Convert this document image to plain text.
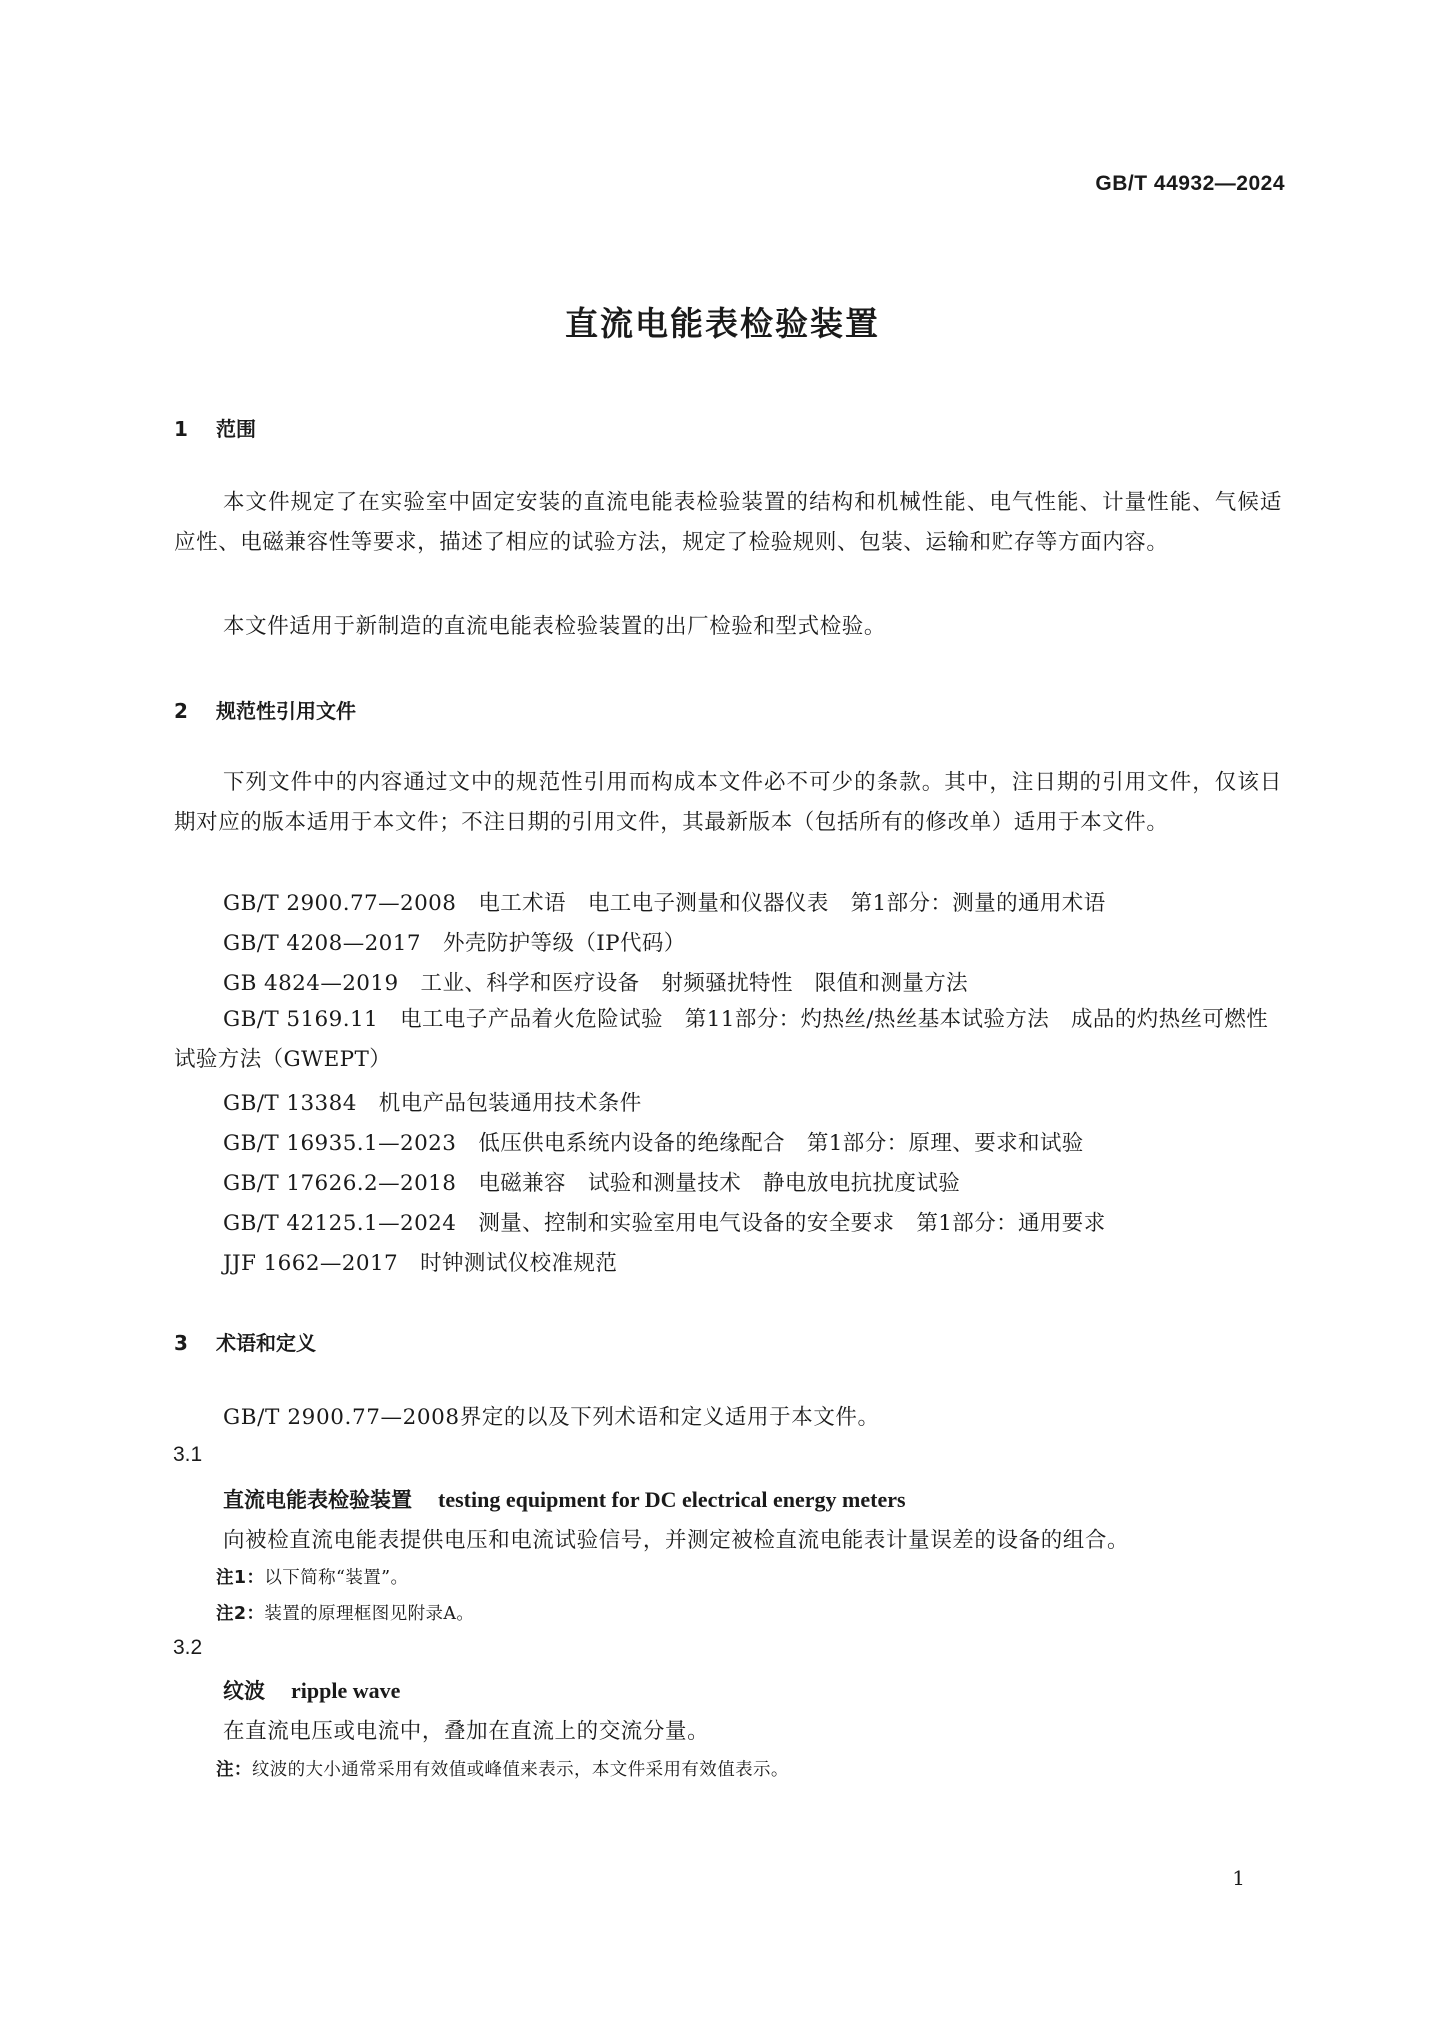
GB/T 44932—2024
直流电能表检验装置
1 范围
本文件规定了在实验室中固定安装的直流电能表检验装置的结构和机械性能、电气性能、计量性能、气候适应性、电磁兼容性等要求，描述了相应的试验方法，规定了检验规则、包装、运输和贮存等方面内容。
本文件适用于新制造的直流电能表检验装置的出厂检验和型式检验。
2 规范性引用文件
下列文件中的内容通过文中的规范性引用而构成本文件必不可少的条款。其中，注日期的引用文件，仅该日期对应的版本适用于本文件；不注日期的引用文件，其最新版本（包括所有的修改单）适用于本文件。
GB/T 2900.77—2008 电工术语　电工电子测量和仪器仪表　第1部分：测量的通用术语
GB/T 4208—2017 外壳防护等级（IP代码）
GB 4824—2019 工业、科学和医疗设备　射频骚扰特性　限值和测量方法
GB/T 5169.11 电工电子产品着火危险试验　第11部分：灼热丝/热丝基本试验方法　成品的灼热丝可燃性试验方法（GWEPT）
GB/T 13384 机电产品包装通用技术条件
GB/T 16935.1—2023 低压供电系统内设备的绝缘配合　第1部分：原理、要求和试验
GB/T 17626.2—2018 电磁兼容　试验和测量技术　静电放电抗扰度试验
GB/T 42125.1—2024 测量、控制和实验室用电气设备的安全要求　第1部分：通用要求
JJF 1662—2017 时钟测试仪校准规范
3 术语和定义
GB/T 2900.77—2008界定的以及下列术语和定义适用于本文件。
3.1
直流电能表检验装置 testing equipment for DC electrical energy meters
向被检直流电能表提供电压和电流试验信号，并测定被检直流电能表计量误差的设备的组合。
注1：以下简称“装置”。
注2：装置的原理框图见附录A。
3.2
纹波 ripple wave
在直流电压或电流中，叠加在直流上的交流分量。
注：纹波的大小通常采用有效值或峰值来表示，本文件采用有效值表示。
1
